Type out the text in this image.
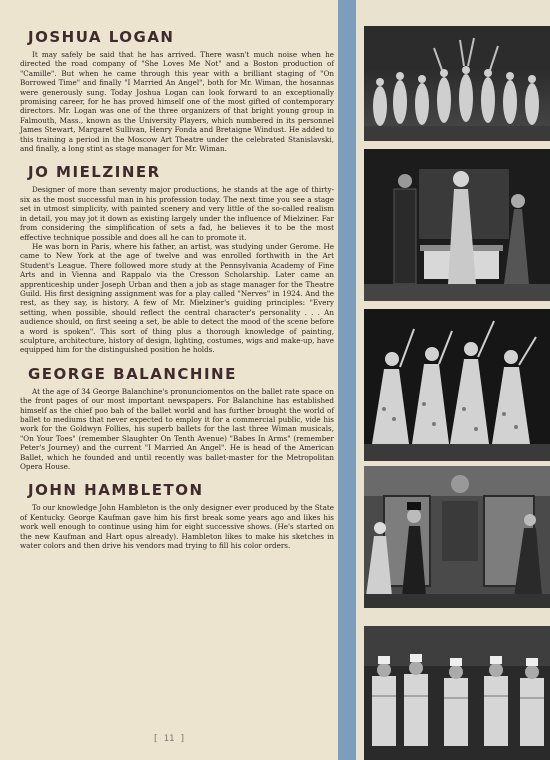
JOSHUA LOGAN

It may safely be said that he has arrived. There wasn't much noise when he directed the road company of "She Loves Me Not" and a Boston production of "Camille". But when he came through this year with a brilliant staging of "On Borrowed Time" and finally "I Married An Angel", both for Mr. Wiman, the hosannas were generously sung. Today Joshua Logan can look forward to an exceptionally promising career, for he has proved himself one of the most gifted of contemporary directors. Mr. Logan was one of the three organizers of that bright young group in Falmouth, Mass., known as the University Players, which numbered in its personnel James Stewart, Margaret Sullivan, Henry Fonda and Bretaigne Windust. He added to this training a period in the Moscow Art Theatre under the celebrated Stanislavski, and finally, a long stint as stage manager for Mr. Wiman.

JO MIELZINER

Designer of more than seventy major productions, he stands at the age of thirty-six as the most successful man in his profession today. The next time you see a stage set in utmost simplicity, with painted scenery and very little of the so-called realism in detail, you may jot it down as existing largely under the influence of Mielziner. Far from considering the simplification of sets a fad, he believes it to be the most effective technique possible and does all he can to promote it.

He was born in Paris, where his father, an artist, was studying under Gerome. He came to New York at the age of twelve and was enrolled forthwith in the Art Student's League. There followed more study at the Pennsylvania Academy of Fine Arts and in Vienna and Rappalo via the Cresson Scholarship. Later came an apprenticeship under Joseph Urban and then a job as stage manager for the Theatre Guild. His first designing assignment was for a play called "Nerves" in 1924. And the rest, as they say, is history. A few of Mr. Mielziner's guiding principles: "Every setting, when possible, should reflect the central character's personality . . . An audience should, on first seeing a set, be able to detect the mood of the scene before a word is spoken". This sort of thing plus a thorough knowledge of painting, sculpture, architecture, history of design, lighting, costumes, wigs and make-up, have equipped him for the distinguished position he holds.

GEORGE BALANCHINE

At the age of 34 George Balanchine's pronunciomentos on the ballet rate space on the front pages of our most important newspapers. For Balanchine has established himself as the chief poo bah of the ballet world and has further brought the world of ballet to mediums that never expected to employ it for a commercial public, vide his work for the Goldwyn Follies, his superb ballets for the last three Wiman musicals, "On Your Toes" (remember Slaughter On Tenth Avenue) "Babes In Arms" (remember Peter's Journey) and the current "I Married An Angel". He is head of the American Ballet, which he founded and until recently was ballet-master for the Metropolitan Opera House.

JOHN HAMBLETON

To our knowledge John Hambleton is the only designer ever produced by the State of Kentucky. George Kaufman gave him his first break some years ago and likes his work well enough to continue using him for eight successive shows. (He's started on the new Kaufman and Hart opus already). Hambleton likes to make his sketches in water colors and then drive his vendors mad trying to fill his color orders.

[ 11 ]
